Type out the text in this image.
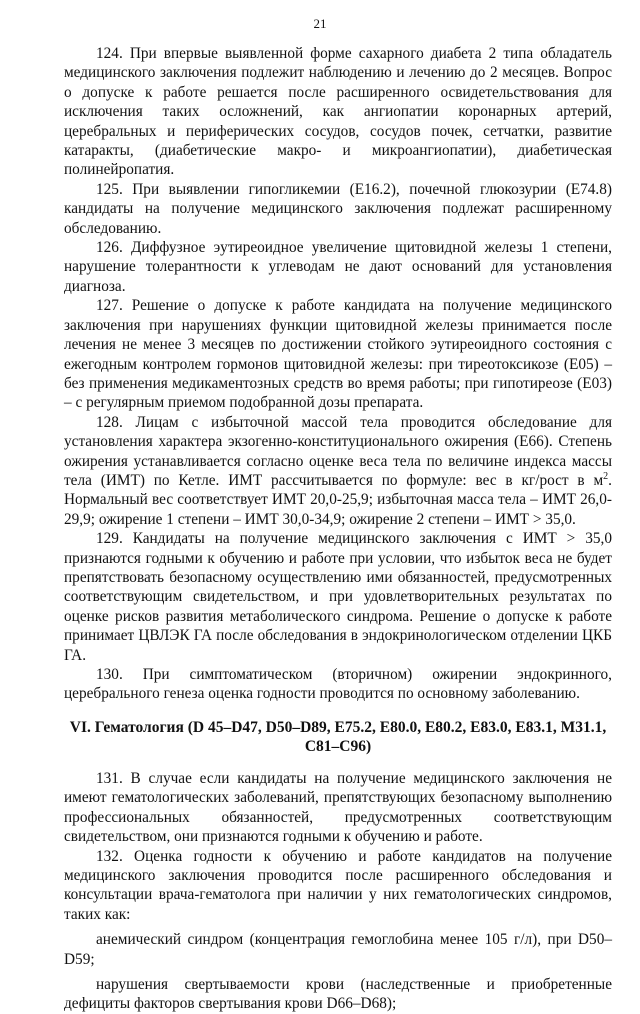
21

124. При впервые выявленной форме сахарного диабета 2 типа обладатель медицинского заключения подлежит наблюдению и лечению до 2 месяцев. Вопрос о допуске к работе решается после расширенного освидетельствования для исключения таких осложнений, как ангиопатии коронарных артерий, церебральных и периферических сосудов, сосудов почек, сетчатки, развитие катаракты, (диабетические макро- и микроангиопатии), диабетическая полинейропатия.

125. При выявлении гипогликемии (E16.2), почечной глюкозурии (E74.8) кандидаты на получение медицинского заключения подлежат расширенному обследованию.

126. Диффузное эутиреоидное увеличение щитовидной железы 1 степени, нарушение толерантности к углеводам не дают оснований для установления диагноза.

127. Решение о допуске к работе кандидата на получение медицинского заключения при нарушениях функции щитовидной железы принимается после лечения не менее 3 месяцев по достижении стойкого эутиреоидного состояния с ежегодным контролем гормонов щитовидной железы: при тиреотоксикозе (E05) – без применения медикаментозных средств во время работы; при гипотиреозе (E03) – с регулярным приемом подобранной дозы препарата.

128. Лицам с избыточной массой тела проводится обследование для установления характера экзогенно-конституционального ожирения (E66). Степень ожирения устанавливается согласно оценке веса тела по величине индекса массы тела (ИМТ) по Кетле. ИМТ рассчитывается по формуле: вес в кг/рост в $м^2$. Нормальный вес соответствует ИМТ 20,0-25,9; избыточная масса тела – ИМТ 26,0-29,9; ожирение 1 степени – ИМТ 30,0-34,9; ожирение 2 степени – ИМТ > 35,0.

129. Кандидаты на получение медицинского заключения с ИМТ > 35,0 признаются годными к обучению и работе при условии, что избыток веса не будет препятствовать безопасному осуществлению ими обязанностей, предусмотренных соответствующим свидетельством, и при удовлетворительных результатах по оценке рисков развития метаболического синдрома. Решение о допуске к работе принимает ЦВЛЭК ГА после обследования в эндокринологическом отделении ЦКБ ГА.

130. При симптоматическом (вторичном) ожирении эндокринного, церебрального генеза оценка годности проводится по основному заболеванию.

VI. Гематология (D 45–D47, D50–D89, E75.2, E80.0, E80.2, E83.0, E83.1, M31.1, C81–C96)

131. В случае если кандидаты на получение медицинского заключения не имеют гематологических заболеваний, препятствующих безопасному выполнению профессиональных обязанностей, предусмотренных соответствующим свидетельством, они признаются годными к обучению и работе.

132. Оценка годности к обучению и работе кандидатов на получение медицинского заключения проводится после расширенного обследования и консультации врача-гематолога при наличии у них гематологических синдромов, таких как:

анемический синдром (концентрация гемоглобина менее 105 г/л), при D50–D59;

нарушения свертываемости крови (наследственные и приобретенные дефициты факторов свертывания крови D66–D68);
